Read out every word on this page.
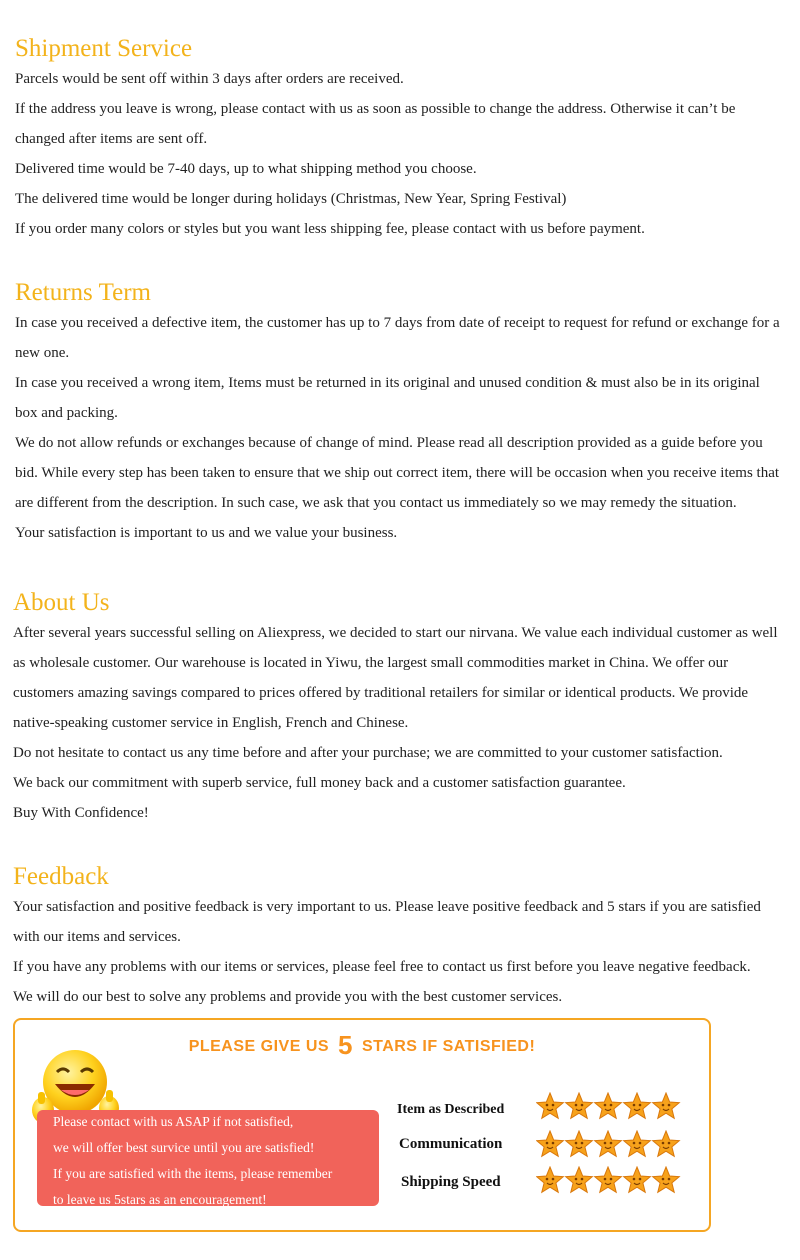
Shipment Service

Parcels would be sent off within 3 days after orders are received.

If the address you leave is wrong, please contact with us as soon as possible to change the address. Otherwise it can’t be changed after items are sent off.

Delivered time would be 7-40 days, up to what shipping method you choose.

The delivered time would be longer during holidays (Christmas, New Year, Spring Festival)

If you order many colors or styles but you want less shipping fee, please contact with us before payment.

Returns Term

In case you received a defective item, the customer has up to 7 days from date of receipt to request for refund or exchange for a new one.

In case you received a wrong item, Items must be returned in its original and unused condition & must also be in its original box and packing.

We do not allow refunds or exchanges because of change of mind. Please read all description provided as a guide before you bid. While every step has been taken to ensure that we ship out correct item, there will be occasion when you receive items that are different from the description. In such case, we ask that you contact us immediately so we may remedy the situation.

Your satisfaction is important to us and we value your business.

About Us

After several years successful selling on Aliexpress, we decided to start our nirvana. We value each individual customer as well as wholesale customer. Our warehouse is located in Yiwu, the largest small commodities market in China. We offer our customers amazing savings compared to prices offered by traditional retailers for similar or identical products. We provide native-speaking customer service in English, French and Chinese.

Do not hesitate to contact us any time before and after your purchase; we are committed to your customer satisfaction.

We back our commitment with superb service, full money back and a customer satisfaction guarantee.

Buy With Confidence!

Feedback

Your satisfaction and positive feedback is very important to us. Please leave positive feedback and 5 stars if you are satisfied with our items and services.

If you have any problems with our items or services, please feel free to contact us first before you leave negative feedback.

We will do our best to solve any problems and provide you with the best customer services.

PLEASE GIVE US 5 STARS IF SATISFIED!
Please contact with us ASAP if not satisfied,
we will offer best survice until you are satisfied!
If you are satisfied with the items, please remember
to leave us 5stars as an encouragement!
Item as Described
Communication
Shipping Speed
